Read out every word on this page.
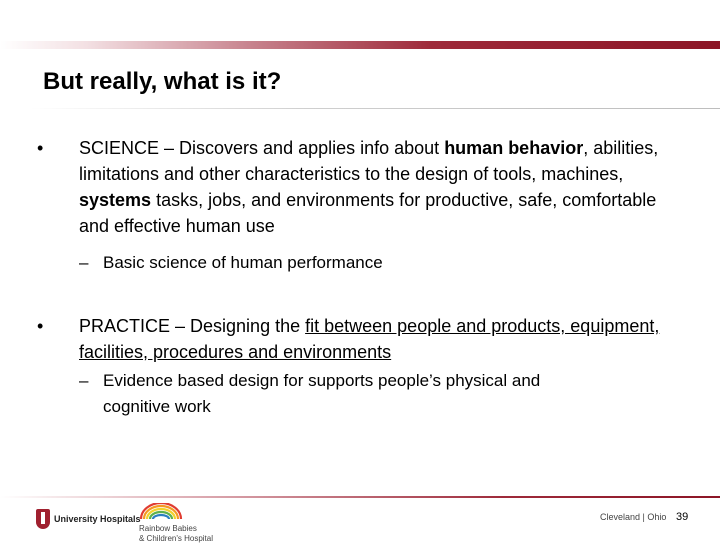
But really, what is it?
• SCIENCE – Discovers and applies info about human behavior, abilities, limitations and other characteristics to the design of tools, machines, systems tasks, jobs, and environments for productive, safe, comfortable and effective human use
– Basic science of human performance
• PRACTICE – Designing the fit between people and products, equipment, facilities, procedures and environments
– Evidence based design for supports people’s physical and
cognitive work
University Hospitals
Rainbow Babies
& Children's Hospital
Cleveland | Ohio 39
